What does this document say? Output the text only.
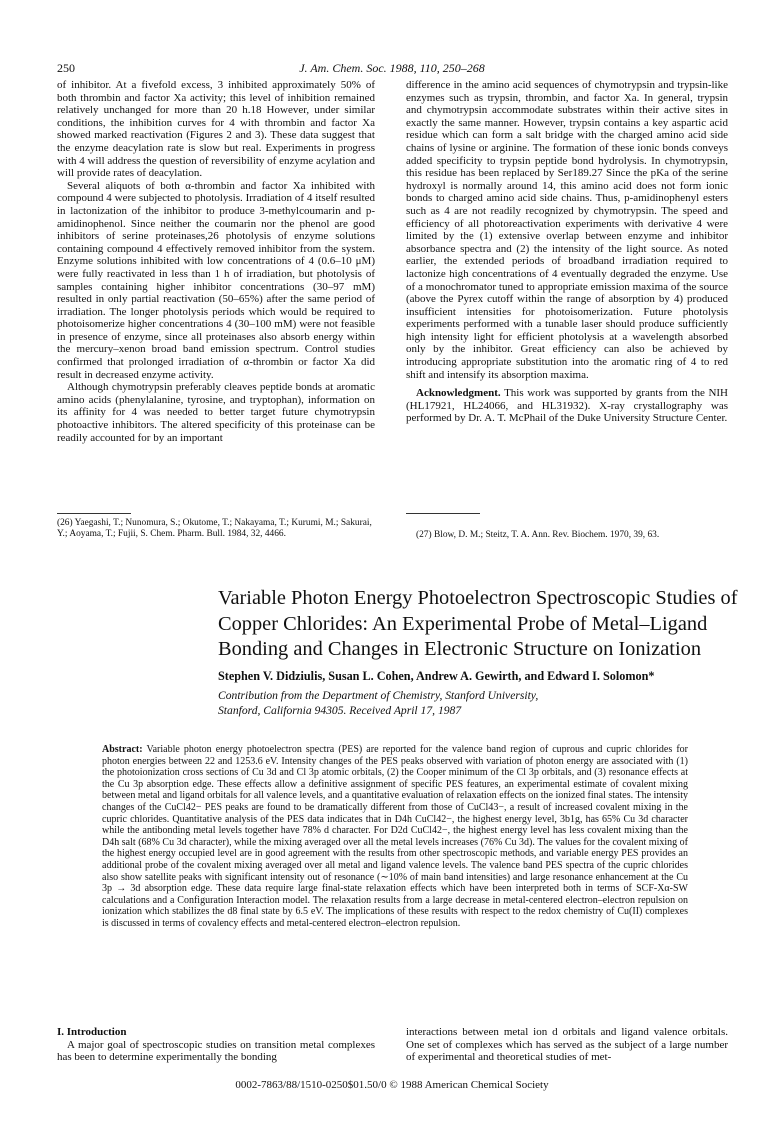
250	J. Am. Chem. Soc. 1988, 110, 250–268

of inhibitor. At a fivefold excess, 3 inhibited approximately 50% of both thrombin and factor Xa activity; this level of inhibition remained relatively unchanged for more than 20 h.18 However, under similar conditions, the inhibition curves for 4 with thrombin and factor Xa showed marked reactivation (Figures 2 and 3). These data suggest that the enzyme deacylation rate is slow but real. Experiments in progress with 4 will address the question of reversibility of enzyme acylation and will provide rates of deacylation.

Several aliquots of both α-thrombin and factor Xa inhibited with compound 4 were subjected to photolysis. Irradiation of 4 itself resulted in lactonization of the inhibitor to produce 3-methylcoumarin and p-amidinophenol. Since neither the coumarin nor the phenol are good inhibitors of serine proteinases,26 photolysis of enzyme solutions containing compound 4 effectively removed inhibitor from the system. Enzyme solutions inhibited with low concentrations of 4 (0.6–10 μM) were fully reactivated in less than 1 h of irradiation, but photolysis of samples containing higher inhibitor concentrations (30–97 mM) resulted in only partial reactivation (50–65%) after the same period of irradiation. The longer photolysis periods which would be required to photoisomerize higher concentrations 4 (30–100 mM) were not feasible in presence of enzyme, since all proteinases also absorb energy within the mercury–xenon broad band emission spectrum. Control studies confirmed that prolonged irradiation of α-thrombin or factor Xa did result in decreased enzyme activity.

Although chymotrypsin preferably cleaves peptide bonds at aromatic amino acids (phenylalanine, tyrosine, and tryptophan), information on its affinity for 4 was needed to better target future chymotrypsin photoactive inhibitors. The altered specificity of this proteinase can be readily accounted for by an important

difference in the amino acid sequences of chymotrypsin and trypsin-like enzymes such as trypsin, thrombin, and factor Xa. In general, trypsin and chymotrypsin accommodate substrates within their active sites in exactly the same manner. However, trypsin contains a key aspartic acid residue which can form a salt bridge with the charged amino acid side chains of lysine or arginine. The formation of these ionic bonds conveys added specificity to trypsin peptide bond hydrolysis. In chymotrypsin, this residue has been replaced by Ser189.27 Since the pKa of the serine hydroxyl is normally around 14, this amino acid does not form ionic bonds to charged amino acid side chains. Thus, p-amidinophenyl esters such as 4 are not readily recognized by chymotrypsin. The speed and efficiency of all photoreactivation experiments with derivative 4 were limited by the (1) extensive overlap between enzyme and inhibitor absorbance spectra and (2) the intensity of the light source. As noted earlier, the extended periods of broadband irradiation required to lactonize high concentrations of 4 eventually degraded the enzyme. Use of a monochromator tuned to appropriate emission maxima of the source (above the Pyrex cutoff within the range of absorption by 4) produced insufficient intensities for photoisomerization. Future photolysis experiments performed with a tunable laser should produce sufficiently high intensity light for efficient photolysis at a wavelength absorbed only by the inhibitor. Great efficiency can also be achieved by introducing appropriate substitution into the aromatic ring of 4 to red shift and intensify its absorption maxima.

Acknowledgment. This work was supported by grants from the NIH (HL17921, HL24066, and HL31932). X-ray crystallography was performed by Dr. A. T. McPhail of the Duke University Structure Center.

(26) Yaegashi, T.; Nunomura, S.; Okutome, T.; Nakayama, T.; Kurumi, M.; Sakurai, Y.; Aoyama, T.; Fujii, S. Chem. Pharm. Bull. 1984, 32, 4466.	(27) Blow, D. M.; Steitz, T. A. Ann. Rev. Biochem. 1970, 39, 63.
Variable Photon Energy Photoelectron Spectroscopic Studies of Copper Chlorides: An Experimental Probe of Metal–Ligand Bonding and Changes in Electronic Structure on Ionization
Stephen V. Didziulis, Susan L. Cohen, Andrew A. Gewirth, and Edward I. Solomon*
Contribution from the Department of Chemistry, Stanford University,
Stanford, California 94305. Received April 17, 1987
Abstract: Variable photon energy photoelectron spectra (PES) are reported for the valence band region of cuprous and cupric chlorides for photon energies between 22 and 1253.6 eV. Intensity changes of the PES peaks observed with variation of photon energy are associated with (1) the photoionization cross sections of Cu 3d and Cl 3p atomic orbitals, (2) the Cooper minimum of the Cl 3p orbitals, and (3) resonance effects at the Cu 3p absorption edge. These effects allow a definitive assignment of specific PES features, an experimental estimate of covalent mixing between metal and ligand orbitals for all valence levels, and a quantitative evaluation of relaxation effects on the ionized final states. The intensity changes of the CuCl42− PES peaks are found to be dramatically different from those of CuCl43−, a result of increased covalent mixing in the cupric chlorides. Quantitative analysis of the PES data indicates that in D4h CuCl42−, the highest energy level, 3b1g, has 65% Cu 3d character while the antibonding metal levels together have 78% d character. For D2d CuCl42−, the highest energy level has less covalent mixing than the D4h salt (68% Cu 3d character), while the mixing averaged over all the metal levels increases (76% Cu 3d). The values for the covalent mixing of the highest energy occupied level are in good agreement with the results from other spectroscopic methods, and variable energy PES provides an additional probe of the covalent mixing averaged over all metal and ligand valence levels. The valence band PES spectra of the cupric chlorides also show satellite peaks with significant intensity out of resonance (∼10% of main band intensities) and large resonance enhancement at the Cu 3p → 3d absorption edge. These data require large final-state relaxation effects which have been interpreted both in terms of SCF-Xα-SW calculations and a Configuration Interaction model. The relaxation results from a large decrease in metal-centered electron–electron repulsion on ionization which stabilizes the d8 final state by 6.5 eV. The implications of these results with respect to the redox chemistry of Cu(II) complexes is discussed in terms of covalency effects and metal-centered electron–electron repulsion.
I. Introduction

A major goal of spectroscopic studies on transition metal complexes has been to determine experimentally the bonding

interactions between metal ion d orbitals and ligand valence orbitals. One set of complexes which has served as the subject of a large number of experimental and theoretical studies of met-

0002-7863/88/1510-0250$01.50/0 © 1988 American Chemical Society
